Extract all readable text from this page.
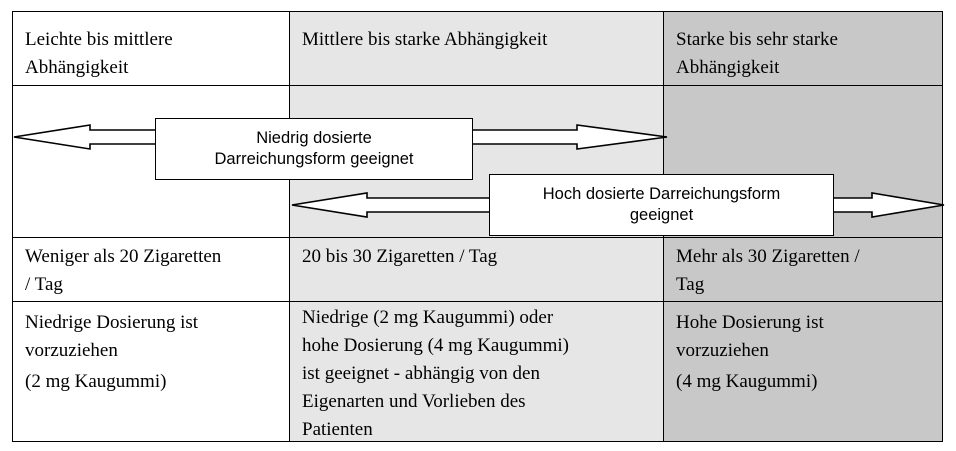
Leichte bis mittlere
Abhängigkeit
Mittlere bis starke Abhängigkeit	Starke bis sehr starke
Abhängigkeit
Weniger als 20 Zigaretten
/ Tag
20 bis 30 Zigaretten / Tag	Mehr als 30 Zigaretten /
Tag
Niedrige Dosierung ist
vorzuziehen
(2 mg Kaugummi)
Niedrige (2 mg Kaugummi) oder
hohe Dosierung (4 mg Kaugummi)
ist geeignet - abhängig von den
Eigenarten und Vorlieben des
Patienten
Hohe Dosierung ist
vorzuziehen
(4 mg Kaugummi)
Niedrig dosierte
Darreichungsform geeignet
Hoch dosierte Darreichungsform
geeignet
